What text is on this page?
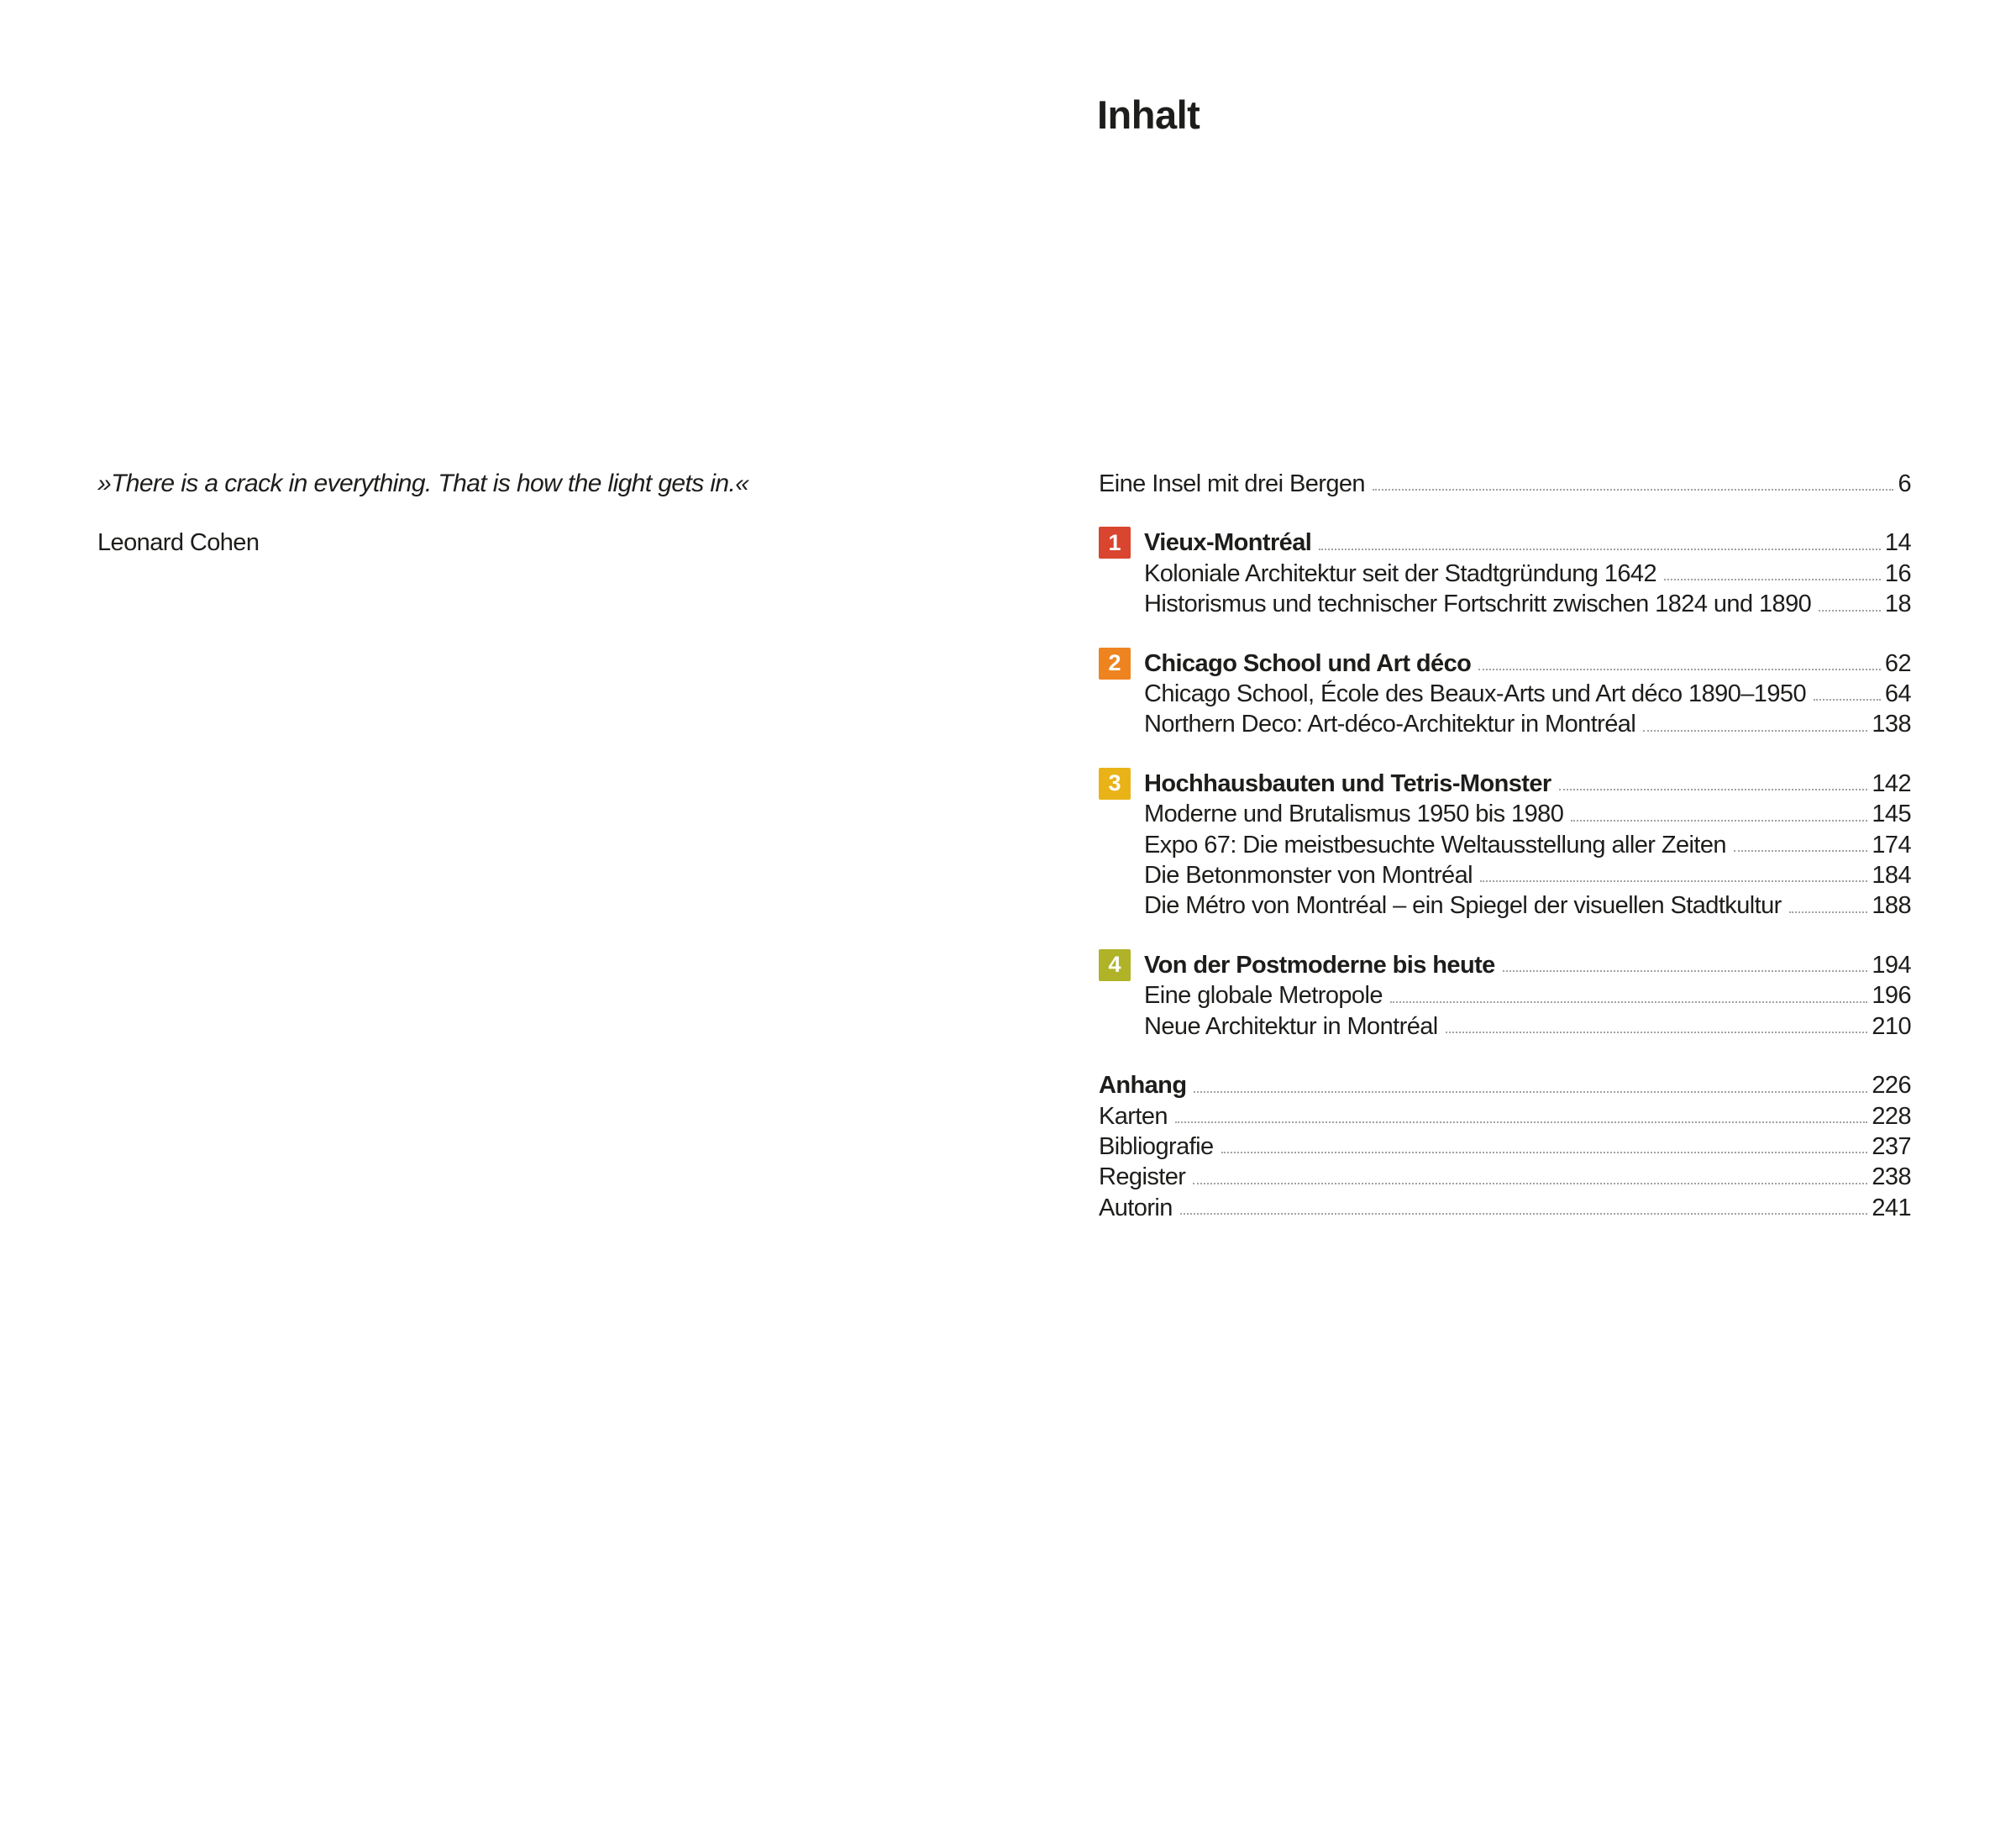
Inhalt
»There is a crack in everything. That is how the light gets in.«
Leonard Cohen
Eine Insel mit drei Bergen	6
1 Vieux-Montréal	14
Koloniale Architektur seit der Stadtgründung 1642	16
Historismus und technischer Fortschritt zwischen 1824 und 1890	18
2 Chicago School und Art déco	62
Chicago School, École des Beaux-Arts und Art déco 1890–1950	64
Northern Deco: Art-déco-Architektur in Montréal	138
3 Hochhausbauten und Tetris-Monster	142
Moderne und Brutalismus 1950 bis 1980	145
Expo 67: Die meistbesuchte Weltausstellung aller Zeiten	174
Die Betonmonster von Montréal	184
Die Métro von Montréal – ein Spiegel der visuellen Stadtkultur	188
4 Von der Postmoderne bis heute	194
Eine globale Metropole	196
Neue Architektur in Montréal	210
Anhang	226
Karten	228
Bibliografie	237
Register	238
Autorin	241
